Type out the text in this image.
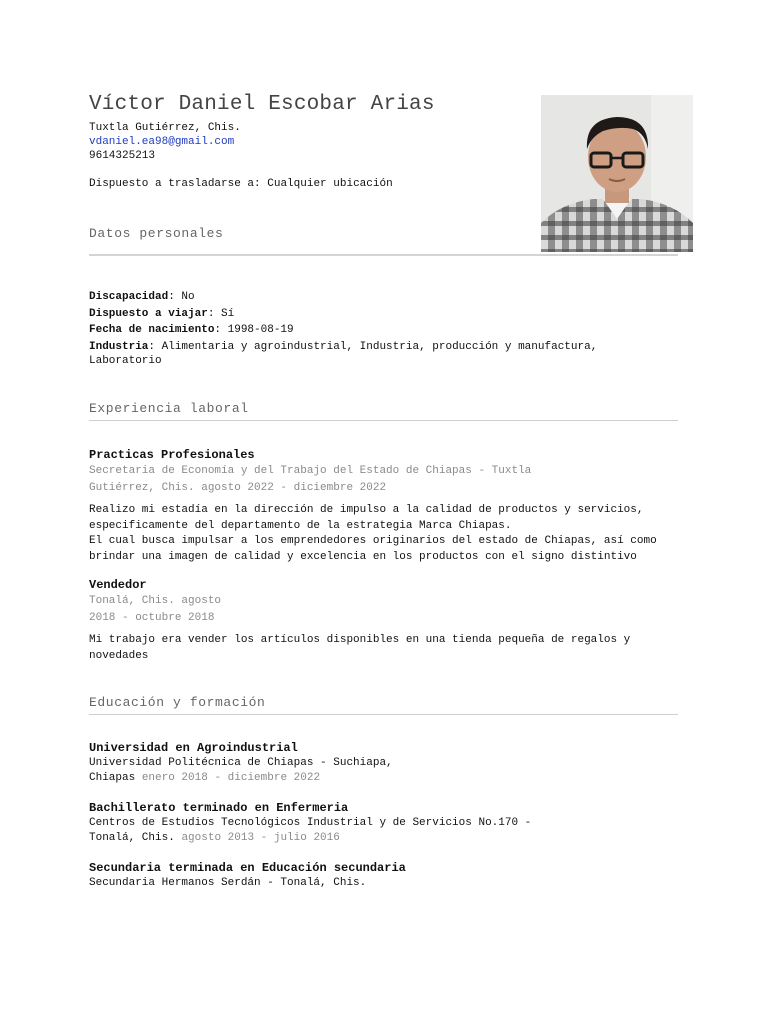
Víctor Daniel Escobar Arias
Tuxtla Gutiérrez, Chis.
vdaniel.ea98@gmail.com
9614325213
Dispuesto a trasladarse a: Cualquier ubicación
Datos personales
Discapacidad: No
Dispuesto a viajar: Sí
Fecha de nacimiento: 1998-08-19
Industria: Alimentaria y agroindustrial, Industria, producción y manufactura,
Laboratorio
Experiencia laboral
Practicas Profesionales
Secretaria de Economía y del Trabajo del Estado de Chiapas - Tuxtla
Gutiérrez, Chis. agosto 2022 - diciembre 2022
Realizo mi estadía en la dirección de impulso a la calidad de productos y servicios,
especificamente del departamento de la estrategia Marca Chiapas.
El cual busca impulsar a los emprendedores originarios del estado de Chiapas, así como
brindar una imagen de calidad y excelencia en los productos con el signo distintivo
Vendedor
Tonalá, Chis. agosto
2018 - octubre 2018
Mi trabajo era vender los artículos disponibles en una tienda pequeña de regalos y
novedades
Educación y formación
Universidad en Agroindustrial
Universidad Politécnica de Chiapas - Suchiapa,
Chiapas enero 2018 - diciembre 2022
Bachillerato terminado en Enfermeria
Centros de Estudios Tecnológicos Industrial y de Servicios No.170 -
Tonalá, Chis. agosto 2013 - julio 2016
Secundaria terminada en Educación secundaria
Secundaria Hermanos Serdán - Tonalá, Chis.
